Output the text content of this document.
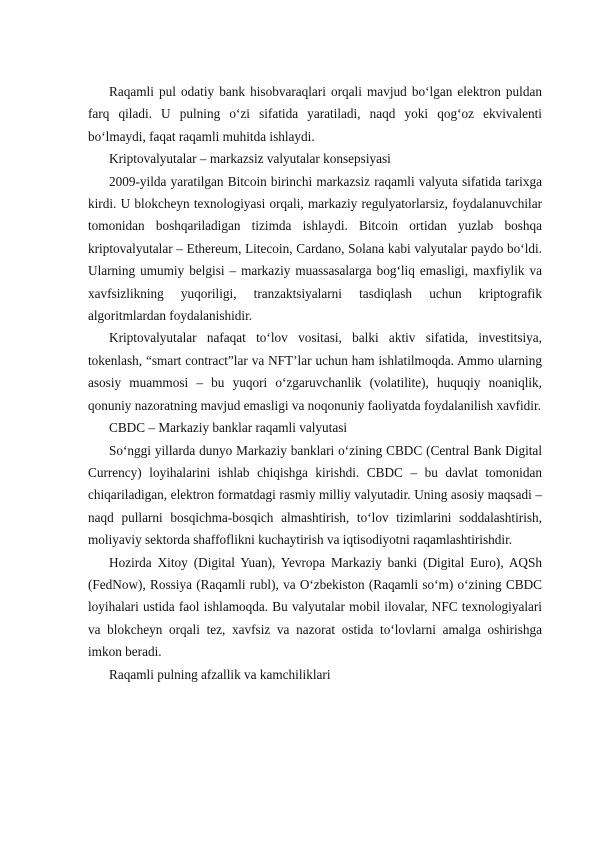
Raqamli pul odatiy bank hisobvaraqlari orqali mavjud bo‘lgan elektron puldan farq qiladi. U pulning o‘zi sifatida yaratiladi, naqd yoki qog‘oz ekvivalenti bo‘lmaydi, faqat raqamli muhitda ishlaydi.

Kriptovalyutalar – markazsiz valyutalar konsepsiyasi

2009-yilda yaratilgan Bitcoin birinchi markazsiz raqamli valyuta sifatida tarixga kirdi. U blokcheyn texnologiyasi orqali, markaziy regulyatorlarsiz, foydalanuvchilar tomonidan boshqariladigan tizimda ishlaydi. Bitcoin ortidan yuzlab boshqa kriptovalyutalar – Ethereum, Litecoin, Cardano, Solana kabi valyutalar paydo bo‘ldi. Ularning umumiy belgisi – markaziy muassasalarga bog‘liq emasligi, maxfiylik va xavfsizlikning yuqoriligi, tranzaktsiyalarni tasdiqlash uchun kriptografik algoritmlardan foydalanishidir.

Kriptovalyutalar nafaqat to‘lov vositasi, balki aktiv sifatida, investitsiya, tokenlash, “smart contract”lar va NFT’lar uchun ham ishlatilmoqda. Ammo ularning asosiy muammosi – bu yuqori o‘zgaruvchanlik (volatilite), huquqiy noaniqlik, qonuniy nazoratning mavjud emasligi va noqonuniy faoliyatda foydalanilish xavfidir.

CBDC – Markaziy banklar raqamli valyutasi

So‘nggi yillarda dunyo Markaziy banklari o‘zining CBDC (Central Bank Digital Currency) loyihalarini ishlab chiqishga kirishdi. CBDC – bu davlat tomonidan chiqariladigan, elektron formatdagi rasmiy milliy valyutadir. Uning asosiy maqsadi – naqd pullarni bosqichma-bosqich almashtirish, to‘lov tizimlarini soddalashtirish, moliyaviy sektorda shaffoflikni kuchaytirish va iqtisodiyotni raqamlashtirishdir.

Hozirda Xitoy (Digital Yuan), Yevropa Markaziy banki (Digital Euro), AQSh (FedNow), Rossiya (Raqamli rubl), va O‘zbekiston (Raqamli so‘m) o‘zining CBDC loyihalari ustida faol ishlamoqda. Bu valyutalar mobil ilovalar, NFC texnologiyalari va blokcheyn orqali tez, xavfsiz va nazorat ostida to‘lovlarni amalga oshirishga imkon beradi.

Raqamli pulning afzallik va kamchiliklari
